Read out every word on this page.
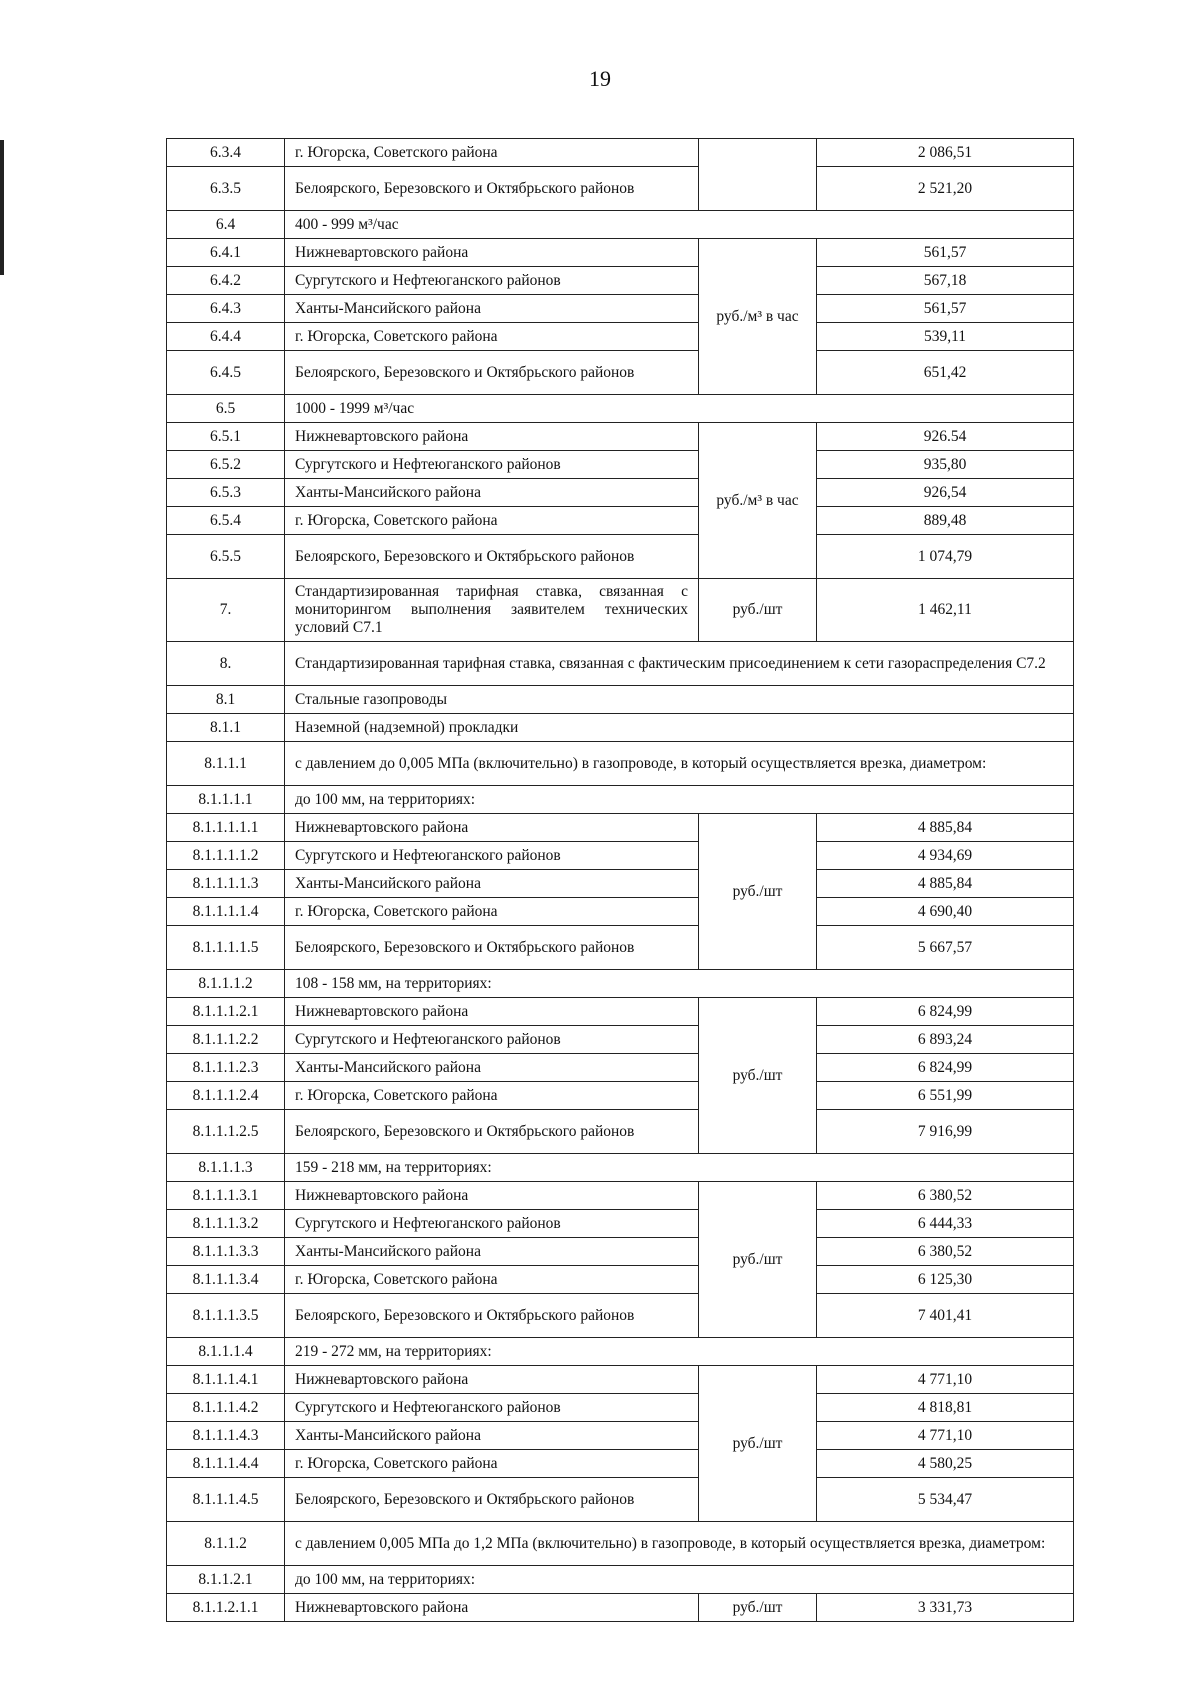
19
6.3.4	г. Югорска, Советского района		2 086,51
6.3.5	Белоярского, Березовского и Октябрьского районов		2 521,20
6.4	400 - 999 м³/час		
6.4.1	Нижневартовского района	руб./м³ в час	561,57
6.4.2	Сургутского и Нефтеюганского районов		567,18
6.4.3	Ханты-Мансийского района		561,57
6.4.4	г. Югорска, Советского района		539,11
6.4.5	Белоярского, Березовского и Октябрьского районов		651,42
6.5	1000 - 1999 м³/час		
6.5.1	Нижневартовского района	руб./м³ в час	926.54
6.5.2	Сургутского и Нефтеюганского районов		935,80
6.5.3	Ханты-Мансийского района		926,54
6.5.4	г. Югорска, Советского района		889,48
6.5.5	Белоярского, Березовского и Октябрьского районов		1 074,79
7.	Стандартизированная тарифная ставка, связанная с мониторингом выполнения заявителем технических условий С7.1	руб./шт	1 462,11
8.	Стандартизированная тарифная ставка, связанная с фактическим присоединением к сети газораспределения С7.2		
8.1	Стальные газопроводы		
8.1.1	Наземной (надземной) прокладки		
8.1.1.1	с давлением до 0,005 МПа (включительно) в газопроводе, в который осуществляется врезка, диаметром:		
8.1.1.1.1	до 100 мм, на территориях:		
8.1.1.1.1.1	Нижневартовского района	руб./шт	4 885,84
8.1.1.1.1.2	Сургутского и Нефтеюганского районов		4 934,69
8.1.1.1.1.3	Ханты-Мансийского района		4 885,84
8.1.1.1.1.4	г. Югорска, Советского района		4 690,40
8.1.1.1.1.5	Белоярского, Березовского и Октябрьского районов		5 667,57
8.1.1.1.2	108 - 158 мм, на территориях:		
8.1.1.1.2.1	Нижневартовского района	руб./шт	6 824,99
8.1.1.1.2.2	Сургутского и Нефтеюганского районов		6 893,24
8.1.1.1.2.3	Ханты-Мансийского района		6 824,99
8.1.1.1.2.4	г. Югорска, Советского района		6 551,99
8.1.1.1.2.5	Белоярского, Березовского и Октябрьского районов		7 916,99
8.1.1.1.3	159 - 218 мм, на территориях:		
8.1.1.1.3.1	Нижневартовского района	руб./шт	6 380,52
8.1.1.1.3.2	Сургутского и Нефтеюганского районов		6 444,33
8.1.1.1.3.3	Ханты-Мансийского района		6 380,52
8.1.1.1.3.4	г. Югорска, Советского района		6 125,30
8.1.1.1.3.5	Белоярского, Березовского и Октябрьского районов		7 401,41
8.1.1.1.4	219 - 272 мм, на территориях:		
8.1.1.1.4.1	Нижневартовского района	руб./шт	4 771,10
8.1.1.1.4.2	Сургутского и Нефтеюганского районов		4 818,81
8.1.1.1.4.3	Ханты-Мансийского района		4 771,10
8.1.1.1.4.4	г. Югорска, Советского района		4 580,25
8.1.1.1.4.5	Белоярского, Березовского и Октябрьского районов		5 534,47
8.1.1.2	с давлением 0,005 МПа до 1,2 МПа (включительно) в газопроводе, в который осуществляется врезка, диаметром:		
8.1.1.2.1	до 100 мм, на территориях:		
8.1.1.2.1.1	Нижневартовского района	руб./шт	3 331,73
